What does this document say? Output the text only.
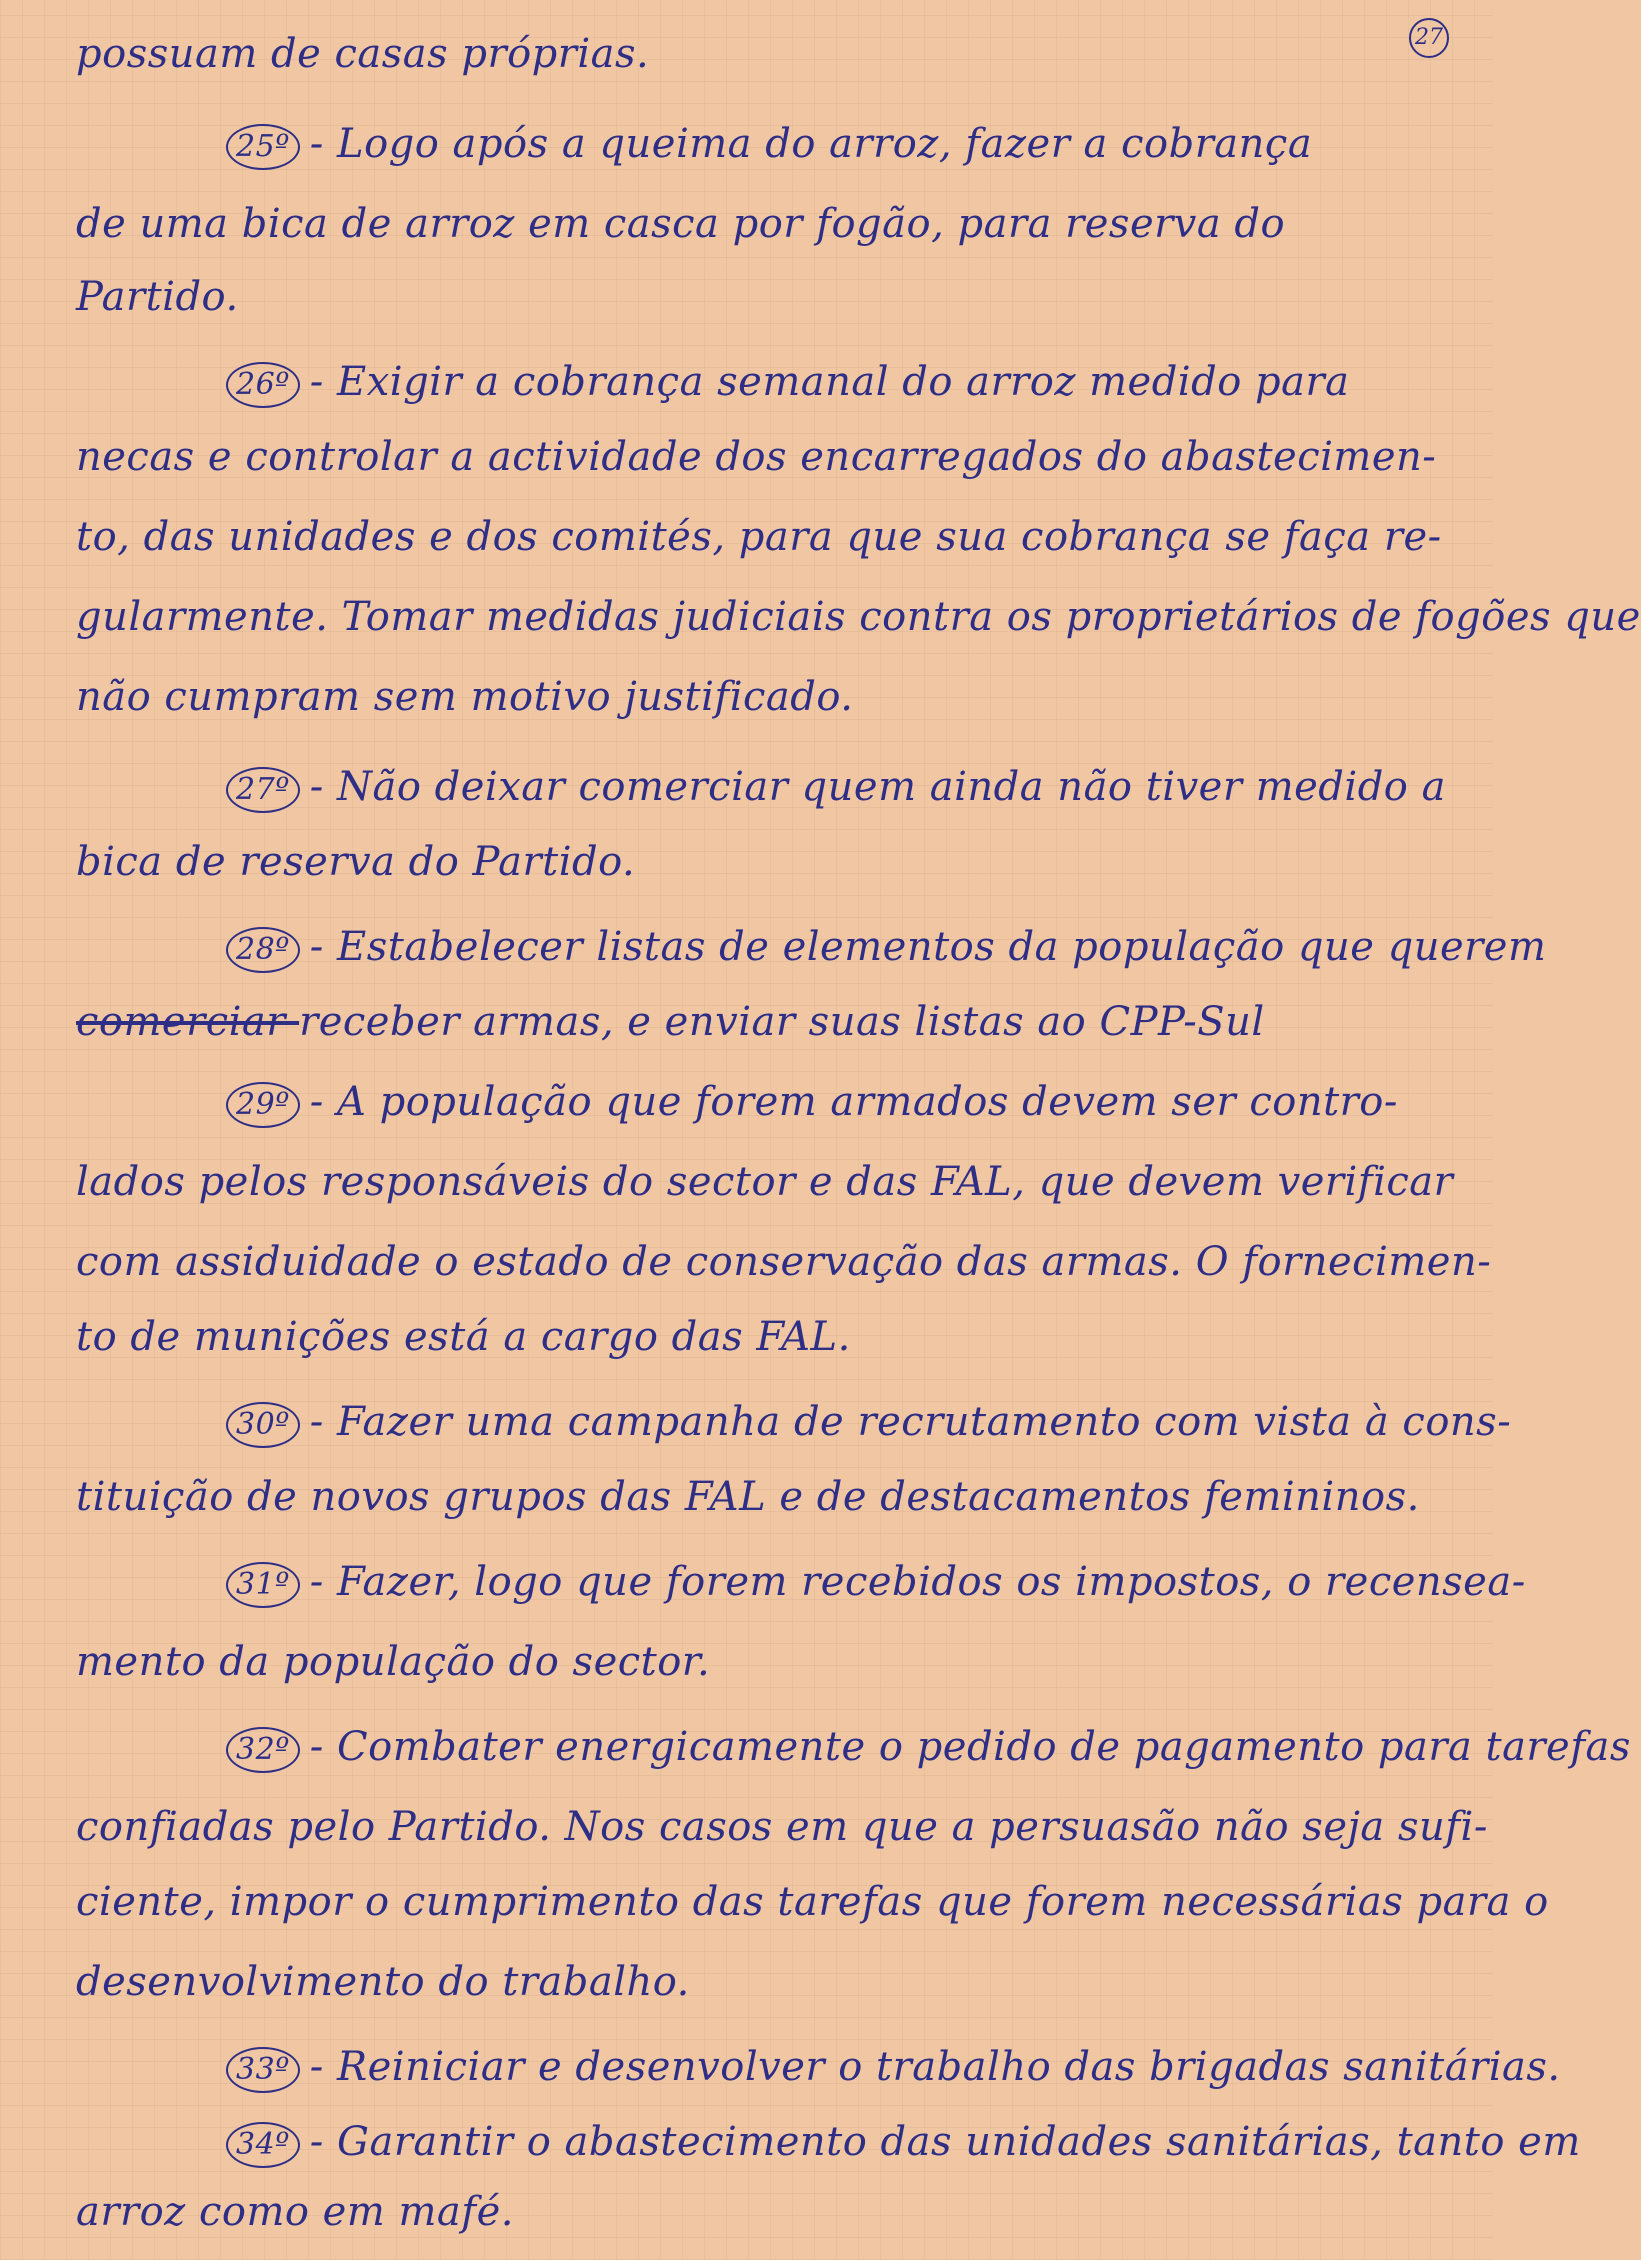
27
possuam de casas próprias.
25º - Logo após a queima do arroz, fazer a cobrança
de uma bica de arroz em casca por fogão, para reserva do
Partido.
26º - Exigir a cobrança semanal do arroz medido para
necas e controlar a actividade dos encarregados do abastecimen-
to, das unidades e dos comités, para que sua cobrança se faça re-
gularmente. Tomar medidas judiciais contra os proprietários de fogões que
não cumpram sem motivo justificado.
27º - Não deixar comerciar quem ainda não tiver medido a
bica de reserva do Partido.
28º - Estabelecer listas de elementos da população que querem
comerciar receber armas, e enviar suas listas ao CPP-Sul
29º - A população que forem armados devem ser contro-
lados pelos responsáveis do sector e das FAL, que devem verificar
com assiduidade o estado de conservação das armas. O fornecimen-
to de munições está a cargo das FAL.
30º - Fazer uma campanha de recrutamento com vista à cons-
tituição de novos grupos das FAL e de destacamentos femininos.
31º - Fazer, logo que forem recebidos os impostos, o recensea-
mento da população do sector.
32º - Combater energicamente o pedido de pagamento para tarefas
confiadas pelo Partido. Nos casos em que a persuasão não seja sufi-
ciente, impor o cumprimento das tarefas que forem necessárias para o
desenvolvimento do trabalho.
33º - Reiniciar e desenvolver o trabalho das brigadas sanitárias.
34º - Garantir o abastecimento das unidades sanitárias, tanto em
arroz como em mafé.
